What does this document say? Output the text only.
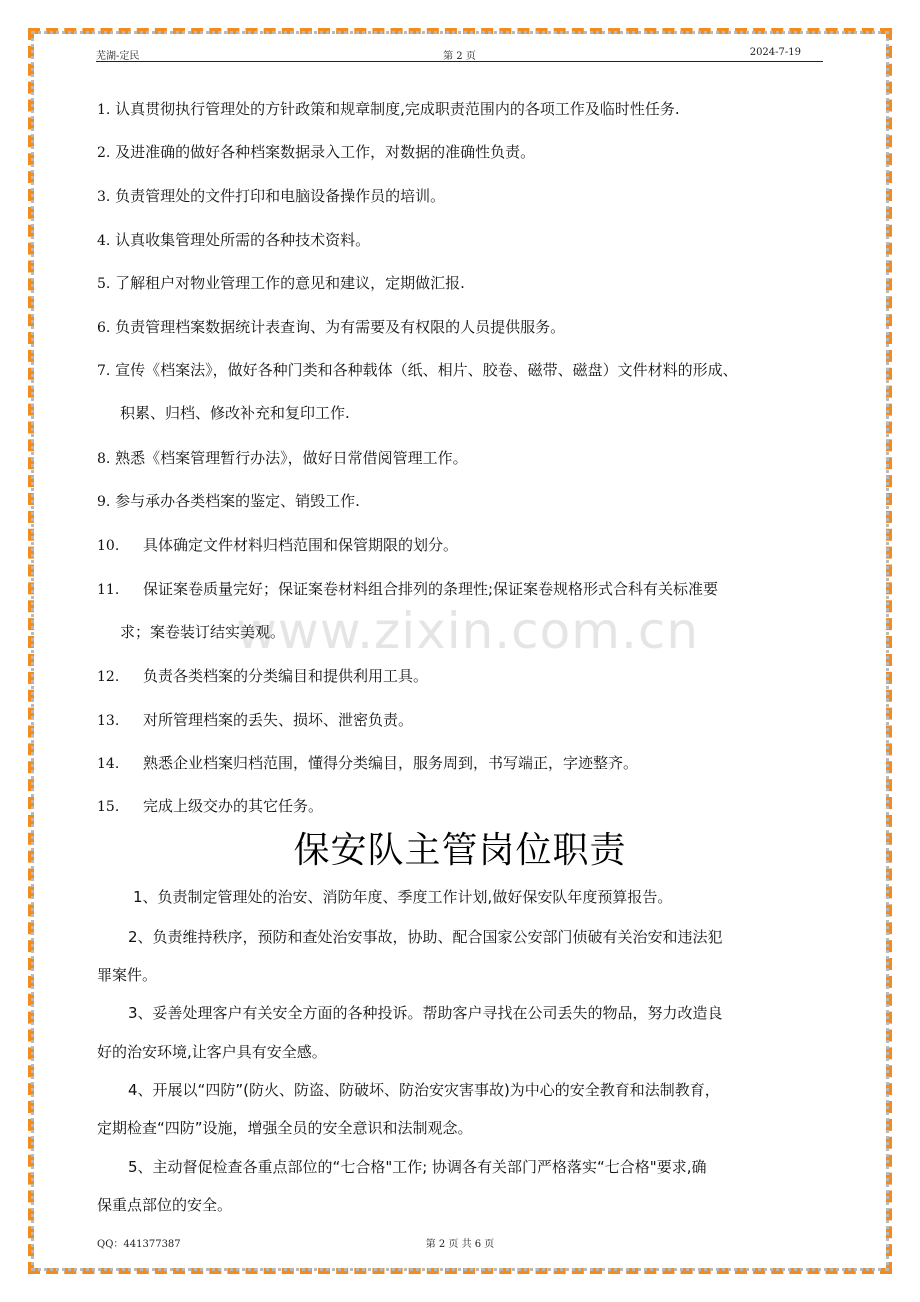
芜湖-定民	第 2 页	2024-7-19
www.zixin.com.cn
1. 认真贯彻执行管理处的方针政策和规章制度,完成职责范围内的各项工作及临时性任务.
2. 及进准确的做好各种档案数据录入工作，对数据的准确性负责。
3. 负责管理处的文件打印和电脑设备操作员的培训。
4. 认真收集管理处所需的各种技术资料。
5. 了解租户对物业管理工作的意见和建议，定期做汇报.
6. 负责管理档案数据统计表查询、为有需要及有权限的人员提供服务。
7. 宣传《档案法》，做好各种门类和各种载体（纸、相片、胶卷、磁带、磁盘）文件材料的形成、
积累、归档、修改补充和复印工作.
8. 熟悉《档案管理暂行办法》，做好日常借阅管理工作。
9. 参与承办各类档案的鉴定、销毁工作.
10. 具体确定文件材料归档范围和保管期限的划分。
11. 保证案卷质量完好；保证案卷材料组合排列的条理性;保证案卷规格形式合科有关标准要
求；案卷装订结实美观。
12. 负责各类档案的分类编目和提供利用工具。
13. 对所管理档案的丢失、损坏、泄密负责。
14. 熟悉企业档案归档范围，懂得分类编目，服务周到，书写端正，字迹整齐。
15. 完成上级交办的其它任务。
保安队主管岗位职责
1、负责制定管理处的治安、消防年度、季度工作计划,做好保安队年度预算报告。
2、负责维持秩序，预防和查处治安事故，协助、配合国家公安部门侦破有关治安和违法犯
罪案件。
3、妥善处理客户有关安全方面的各种投诉。帮助客户寻找在公司丢失的物品，努力改造良
好的治安环境,让客户具有安全感。
4、开展以“四防”(防火、防盗、防破坏、防治安灾害事故)为中心的安全教育和法制教育，
定期检查“四防”设施，增强全员的安全意识和法制观念。
5、主动督促检查各重点部位的“七合格"工作; 协调各有关部门严格落实“七合格"要求,确
保重点部位的安全。
QQ：441377387	第 2 页 共 6 页
